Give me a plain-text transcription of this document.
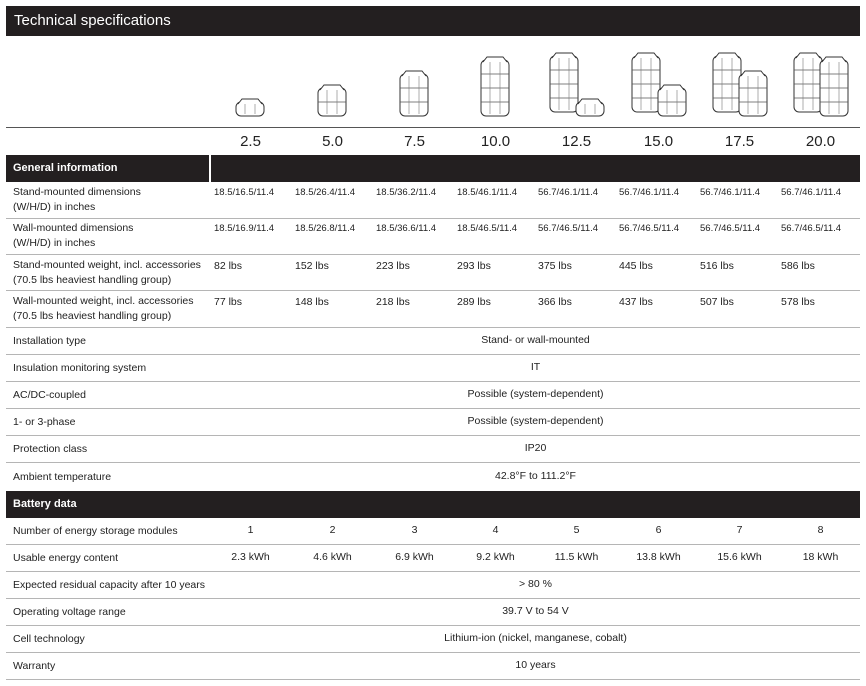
Technical specifications
2.5	5.0	7.5	10.0	12.5	15.0	17.5	20.0
General information
Stand-mounted dimensions
(W/H/D) in inches
18.5/16.5/11.4	18.5/26.4/11.4	18.5/36.2/11.4	18.5/46.1/11.4	56.7/46.1/11.4	56.7/46.1/11.4	56.7/46.1/11.4	56.7/46.1/11.4
Wall-mounted dimensions
(W/H/D) in inches
18.5/16.9/11.4	18.5/26.8/11.4	18.5/36.6/11.4	18.5/46.5/11.4	56.7/46.5/11.4	56.7/46.5/11.4	56.7/46.5/11.4	56.7/46.5/11.4
Stand-mounted weight, incl. accessories
(70.5 lbs heaviest handling group)
82 lbs	152 lbs	223 lbs	293 lbs	375 lbs	445 lbs	516 lbs	586 lbs
Wall-mounted weight, incl. accessories
(70.5 lbs heaviest handling group)
77 lbs	148 lbs	218 lbs	289 lbs	366 lbs	437 lbs	507 lbs	578 lbs
Installation type	Stand- or wall-mounted
Insulation monitoring system	IT
AC/DC-coupled	Possible (system-dependent)
1- or 3-phase	Possible (system-dependent)
Protection class	IP20
Ambient temperature	42.8°F to 111.2°F
Battery data
Number of energy storage modules	1	2	3	4	5	6	7	8
Usable energy content	2.3 kWh	4.6 kWh	6.9 kWh	9.2 kWh	11.5 kWh	13.8 kWh	15.6 kWh	18 kWh
Expected residual capacity after 10 years	> 80 %
Operating voltage range	39.7 V to 54 V
Cell technology	Lithium-ion (nickel, manganese, cobalt)
Warranty	10 years
